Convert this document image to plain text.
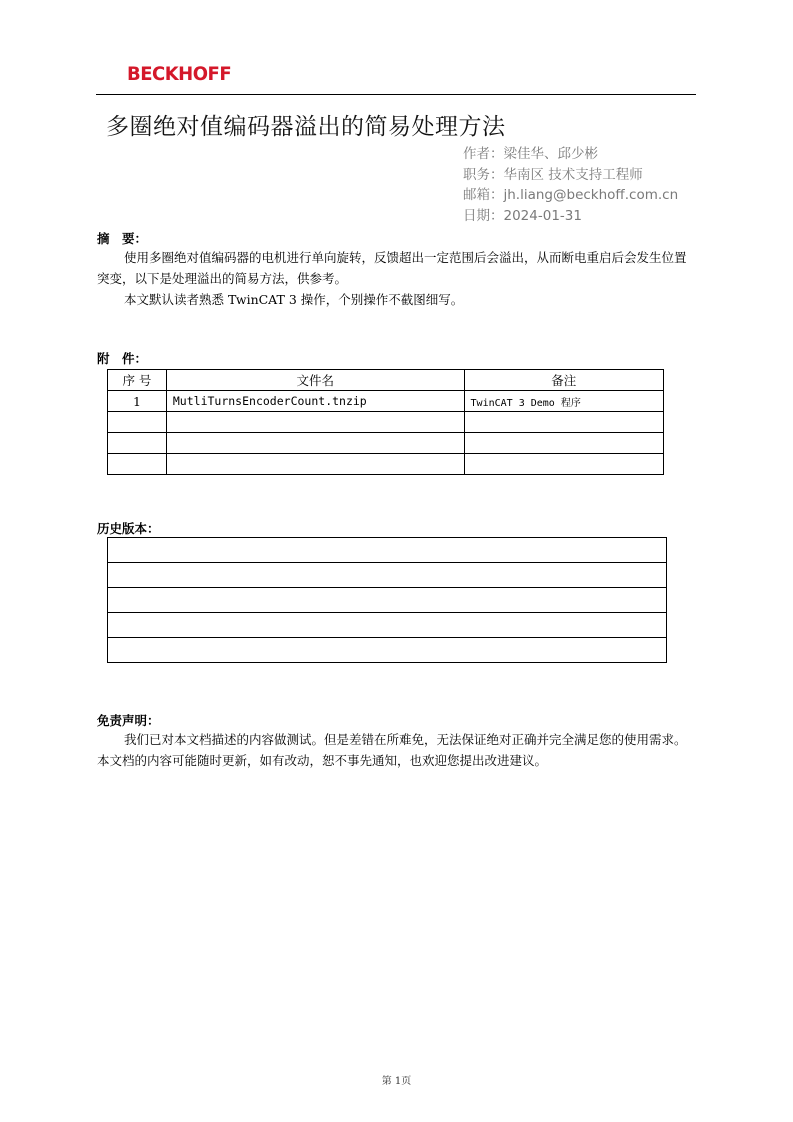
BECKHOFF
多圈绝对值编码器溢出的简易处理方法
作者：梁佳华、邱少彬
职务：华南区 技术支持工程师
邮箱：jh.liang@beckhoff.com.cn
日期：2024-01-31
摘　要：

使用多圈绝对值编码器的电机进行单向旋转，反馈超出一定范围后会溢出，从而断电重启后会发生位置突变，以下是处理溢出的简易方法，供参考。

本文默认读者熟悉 TwinCAT 3 操作，个别操作不截图细写。

附　件：
序 号	文件名	备注
1	MutliTurnsEncoderCount.tnzip	TwinCAT 3 Demo 程序

历史版本：

免责声明：

我们已对本文档描述的内容做测试。但是差错在所难免，无法保证绝对正确并完全满足您的使用需求。本文档的内容可能随时更新，如有改动，恕不事先通知，也欢迎您提出改进建议。

第 1页
